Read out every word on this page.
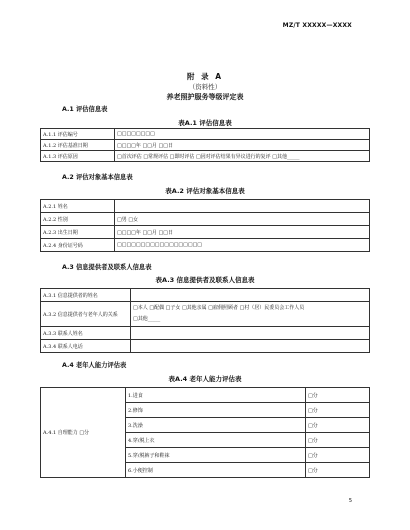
MZ/T XXXXX—XXXX
附 录 A
（资料性）
养老照护服务等级评定表
A.1 评估信息表
表A.1 评估信息表
A.1.1 评估编号	□□□□□□□□
A.1.2 评估基准日期	□□□□年 □□月 □□日
A.1.3 评估原因	□首次评估 □常规评估 □即时评估 □因对评估结果有异议进行的复评 □其他_____
A.2 评估对象基本信息表
表A.2 评估对象基本信息表
A.2.1 姓名	
A.2.2 性别	□男 □女
A.2.3 出生日期	□□□□年 □□月 □□日
A.2.4 身份证号码	□□□□□□□□□□□□□□□□□□
A.3 信息提供者及联系人信息表
表A.3 信息提供者及联系人信息表
A.3.1 信息提供者的姓名	
A.3.2 信息提供者与老年人的关系	□本人 □配偶 □子女 □其他亲属 □雇佣照顾者 □村（居）民委员会工作人员
□其他_____

A.3.3 联系人姓名	
A.3.4 联系人电话	
A.4 老年人能力评估表
表A.4 老年人能力评估表
A.4.1 自理能力 □分	1.进食	□分
	2.修饰	□分
	3.洗澡	□分
	4.穿/脱上衣	□分
	5.穿/脱裤子和鞋袜	□分
	6.小便控制	□分
5
